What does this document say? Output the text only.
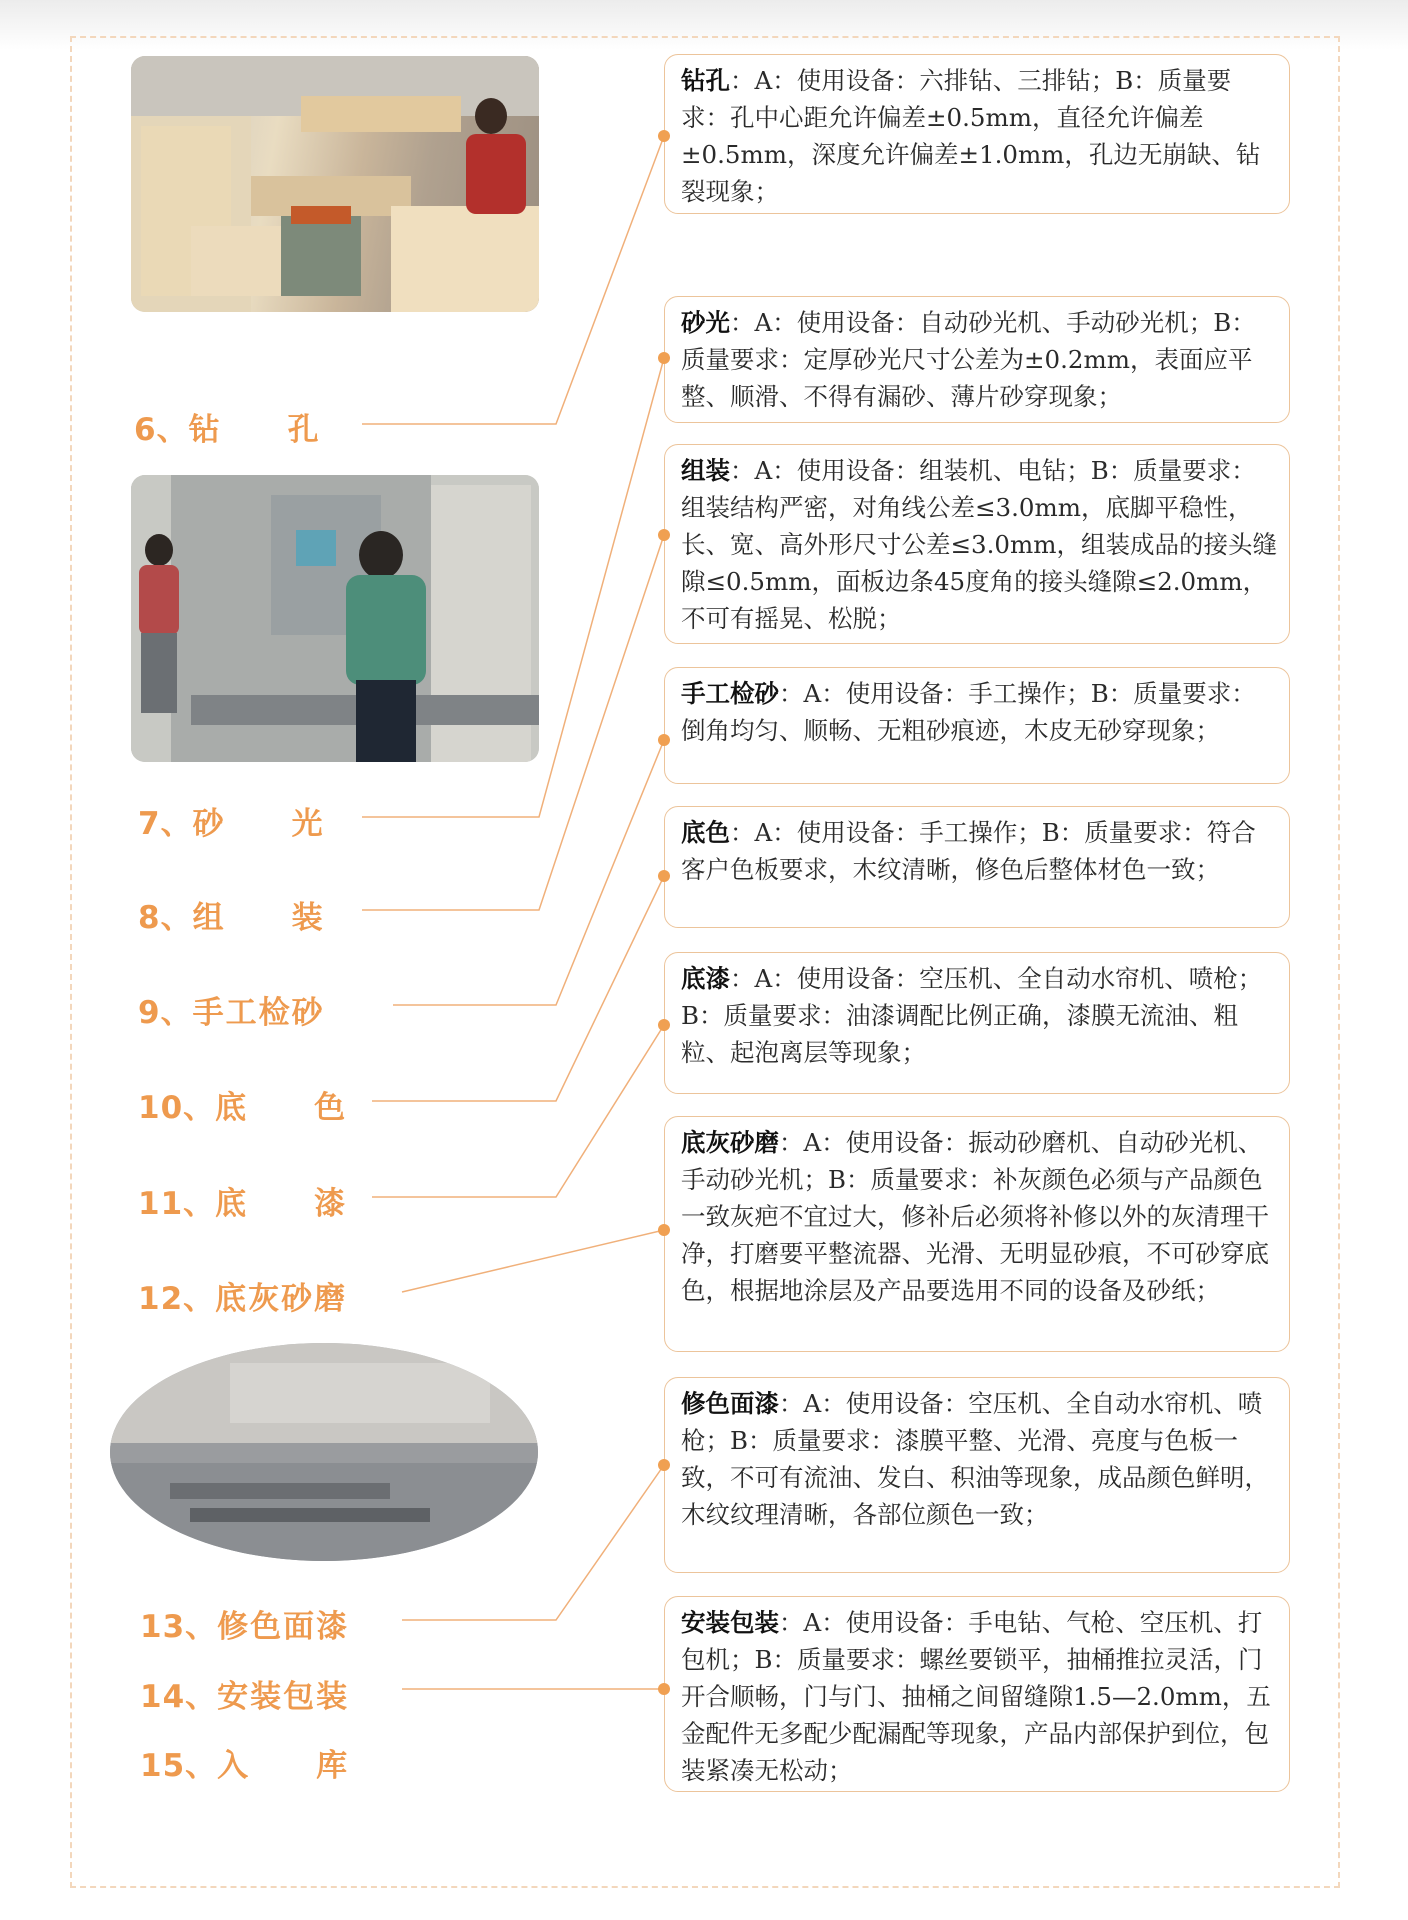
6、钻　　孔
7、砂　　光
8、组　　装
9、手工检砂
10、底　　色
11、底　　漆
12、底灰砂磨
13、修色面漆
14、安装包装
15、入　　库
钻孔：A：使用设备：六排钻、三排钻；B：质量要求：孔中心距允许偏差±0.5mm，直径允许偏差±0.5mm，深度允许偏差±1.0mm，孔边无崩缺、钻裂现象；
砂光：A：使用设备：自动砂光机、手动砂光机；B：质量要求：定厚砂光尺寸公差为±0.2mm，表面应平整、顺滑、不得有漏砂、薄片砂穿现象；
组装：A：使用设备：组装机、电钻；B：质量要求：组装结构严密，对角线公差≤3.0mm，底脚平稳性，长、宽、高外形尺寸公差≤3.0mm，组装成品的接头缝隙≤0.5mm，面板边条45度角的接头缝隙≤2.0mm，不可有摇晃、松脱；
手工检砂：A：使用设备：手工操作；B：质量要求：倒角均匀、顺畅、无粗砂痕迹，木皮无砂穿现象；
底色：A：使用设备：手工操作；B：质量要求：符合客户色板要求，木纹清晰，修色后整体材色一致；
底漆：A：使用设备：空压机、全自动水帘机、喷枪；B：质量要求：油漆调配比例正确，漆膜无流油、粗粒、起泡离层等现象；
底灰砂磨：A：使用设备：振动砂磨机、自动砂光机、手动砂光机；B：质量要求：补灰颜色必须与产品颜色一致灰疤不宜过大，修补后必须将补修以外的灰清理干净，打磨要平整流器、光滑、无明显砂痕，不可砂穿底色，根据地涂层及产品要选用不同的设备及砂纸；
修色面漆：A：使用设备：空压机、全自动水帘机、喷枪；B：质量要求：漆膜平整、光滑、亮度与色板一致，不可有流油、发白、积油等现象，成品颜色鲜明，木纹纹理清晰，各部位颜色一致；
安装包装：A：使用设备：手电钻、气枪、空压机、打包机；B：质量要求：螺丝要锁平，抽桶推拉灵活，门开合顺畅，门与门、抽桶之间留缝隙1.5—2.0mm，五金配件无多配少配漏配等现象，产品内部保护到位，包装紧凑无松动；
